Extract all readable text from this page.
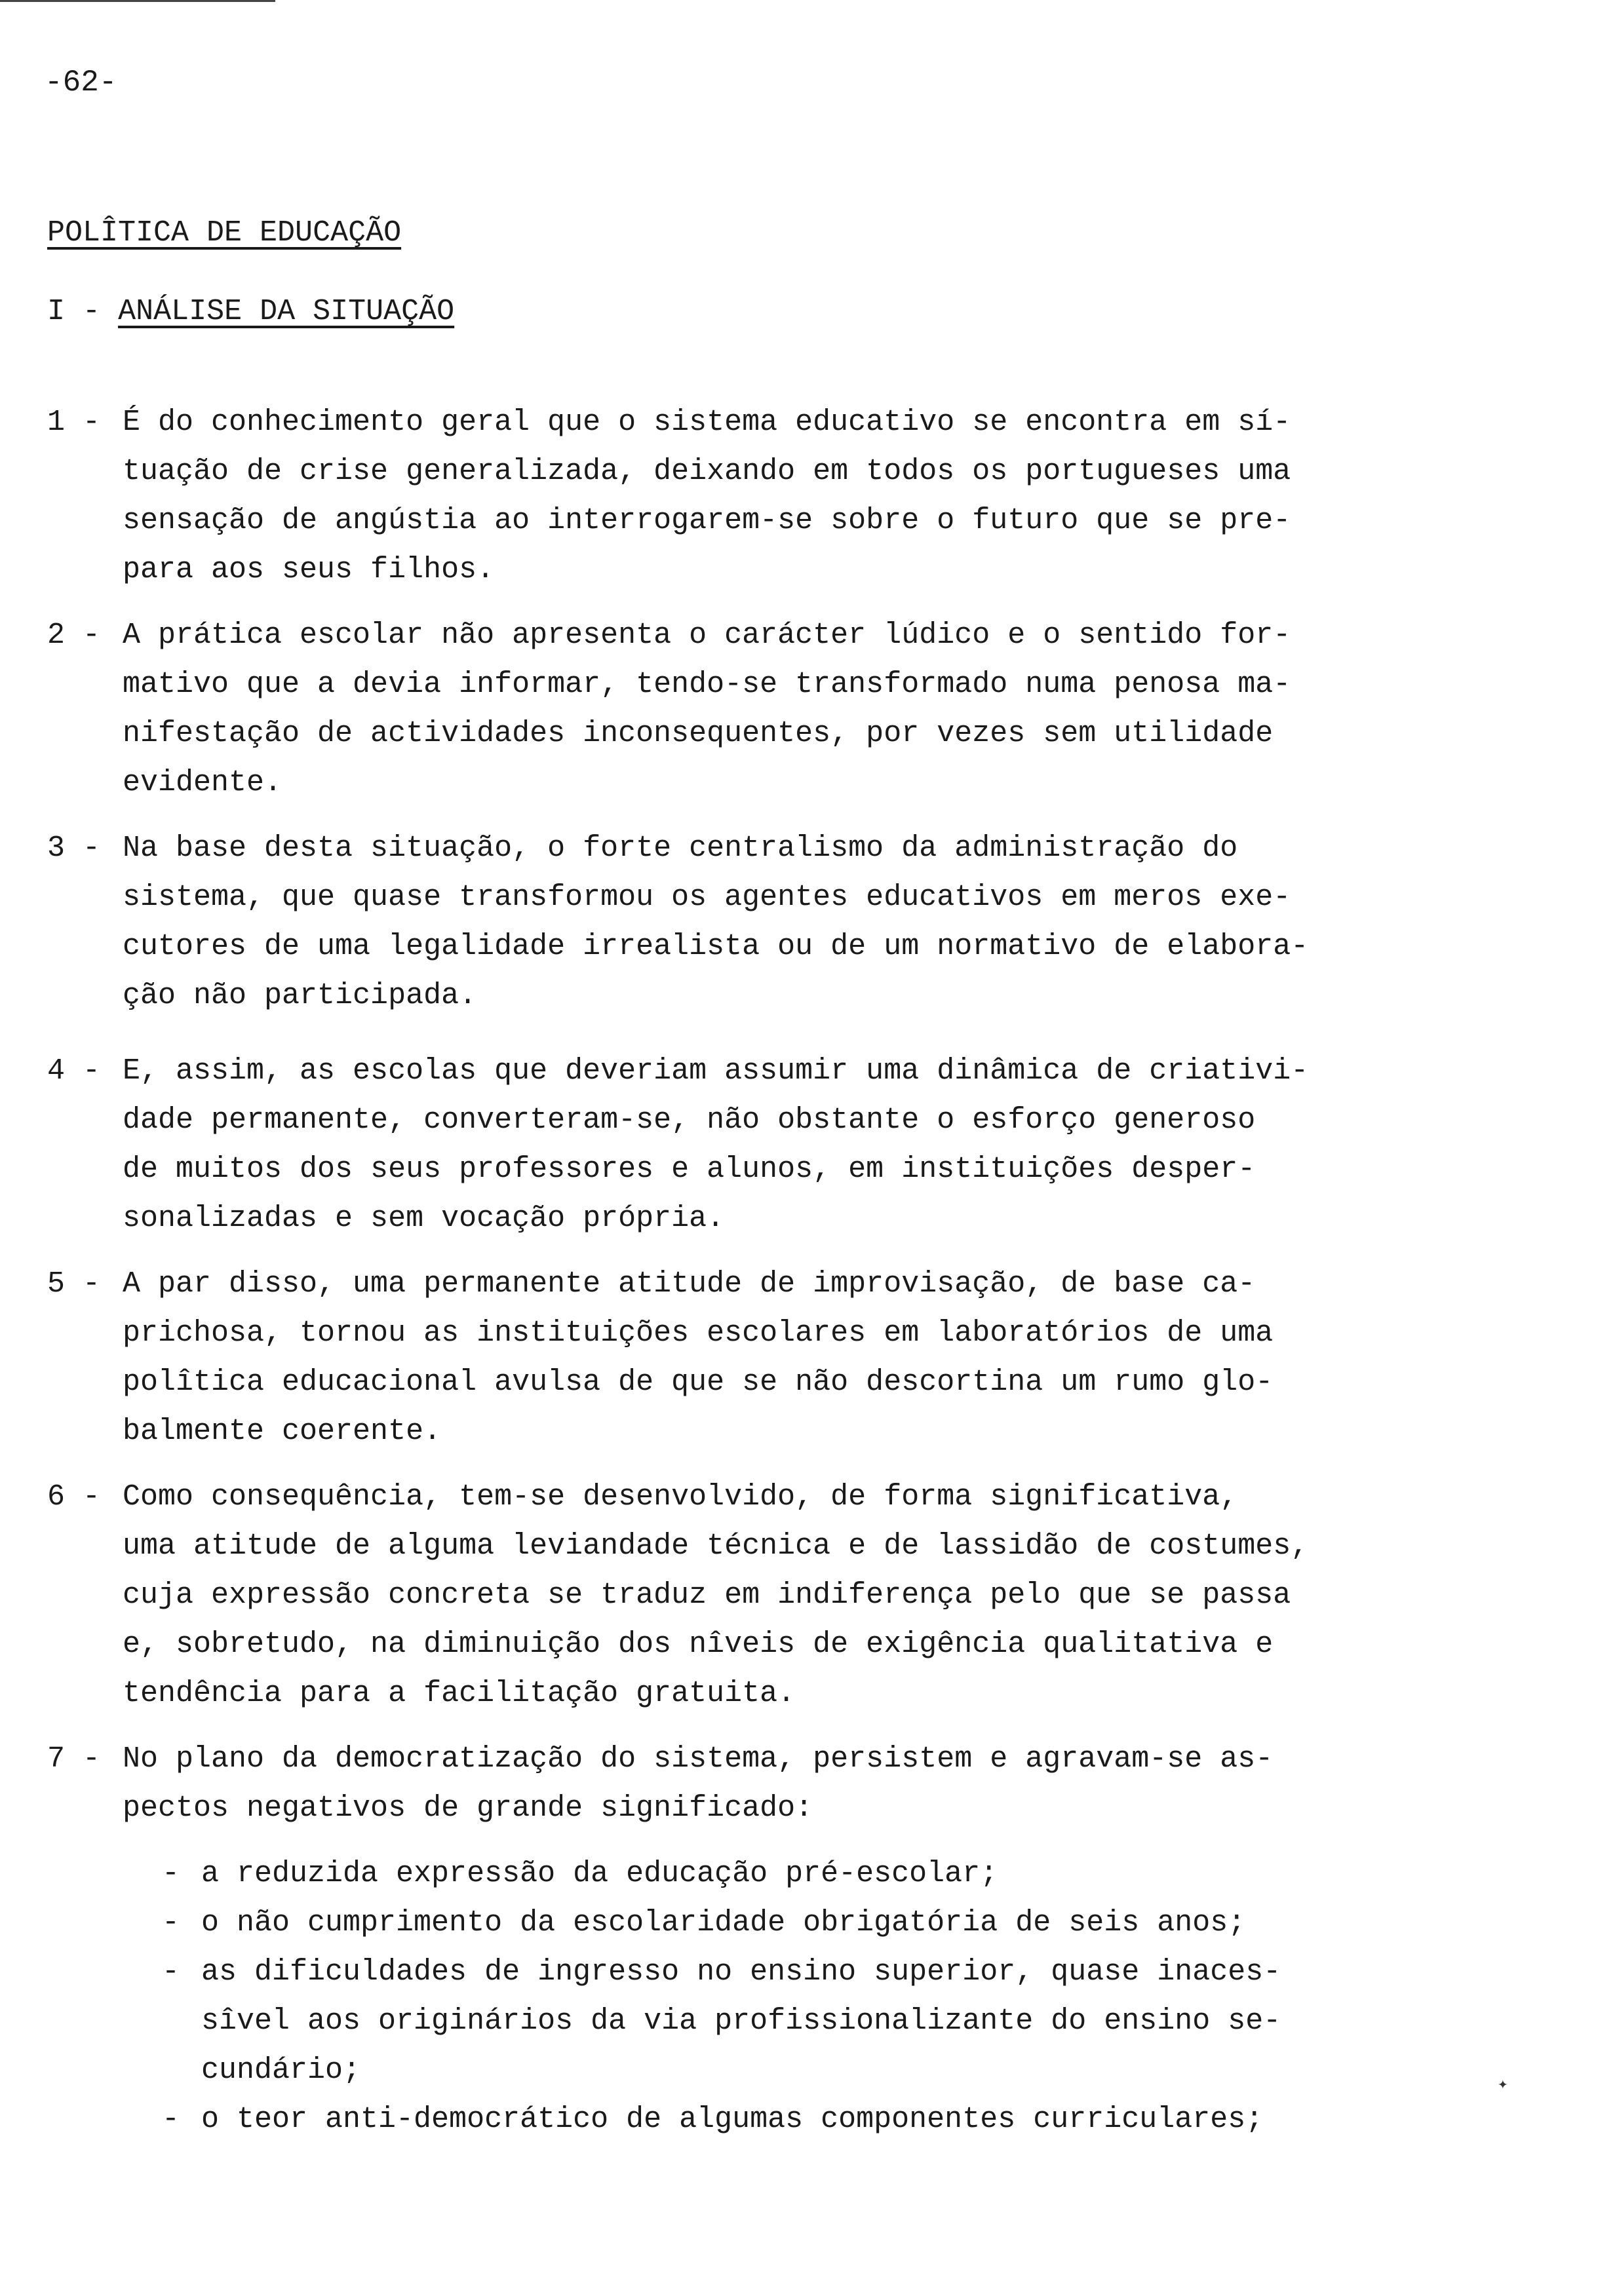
-62-
POLÎTICA DE EDUCAÇÃO
I - ANÁLISE DA SITUAÇÃO
1 - É do conhecimento geral que o sistema educativo se encontra em sí-
tuação de crise generalizada, deixando em todos os portugueses uma
sensação de angústia ao interrogarem-se sobre o futuro que se pre-
para aos seus filhos.
2 - A prática escolar não apresenta o carácter lúdico e o sentido for-
mativo que a devia informar, tendo-se transformado numa penosa ma-
nifestação de actividades inconsequentes, por vezes sem utilidade
evidente.
3 - Na base desta situação, o forte centralismo da administração do
sistema, que quase transformou os agentes educativos em meros exe-
cutores de uma legalidade irrealista ou de um normativo de elabora-
ção não participada.
4 - E, assim, as escolas que deveriam assumir uma dinâmica de criativi-
dade permanente, converteram-se, não obstante o esforço generoso
de muitos dos seus professores e alunos, em instituições desper-
sonalizadas e sem vocação própria.
5 - A par disso, uma permanente atitude de improvisação, de base ca-
prichosa, tornou as instituições escolares em laboratórios de uma
polîtica educacional avulsa de que se não descortina um rumo glo-
balmente coerente.
6 - Como consequência, tem-se desenvolvido, de forma significativa,
uma atitude de alguma leviandade técnica e de lassidão de costumes,
cuja expressão concreta se traduz em indiferença pelo que se passa
e, sobretudo, na diminuição dos nîveis de exigência qualitativa e
tendência para a facilitação gratuita.
7 - No plano da democratização do sistema, persistem e agravam-se as-
pectos negativos de grande significado:
- a reduzida expressão da educação pré-escolar;
- o não cumprimento da escolaridade obrigatória de seis anos;
- as dificuldades de ingresso no ensino superior, quase inaces-
sîvel aos originários da via profissionalizante do ensino se-
cundário;
- o teor anti-democrático de algumas componentes curriculares;
✦
